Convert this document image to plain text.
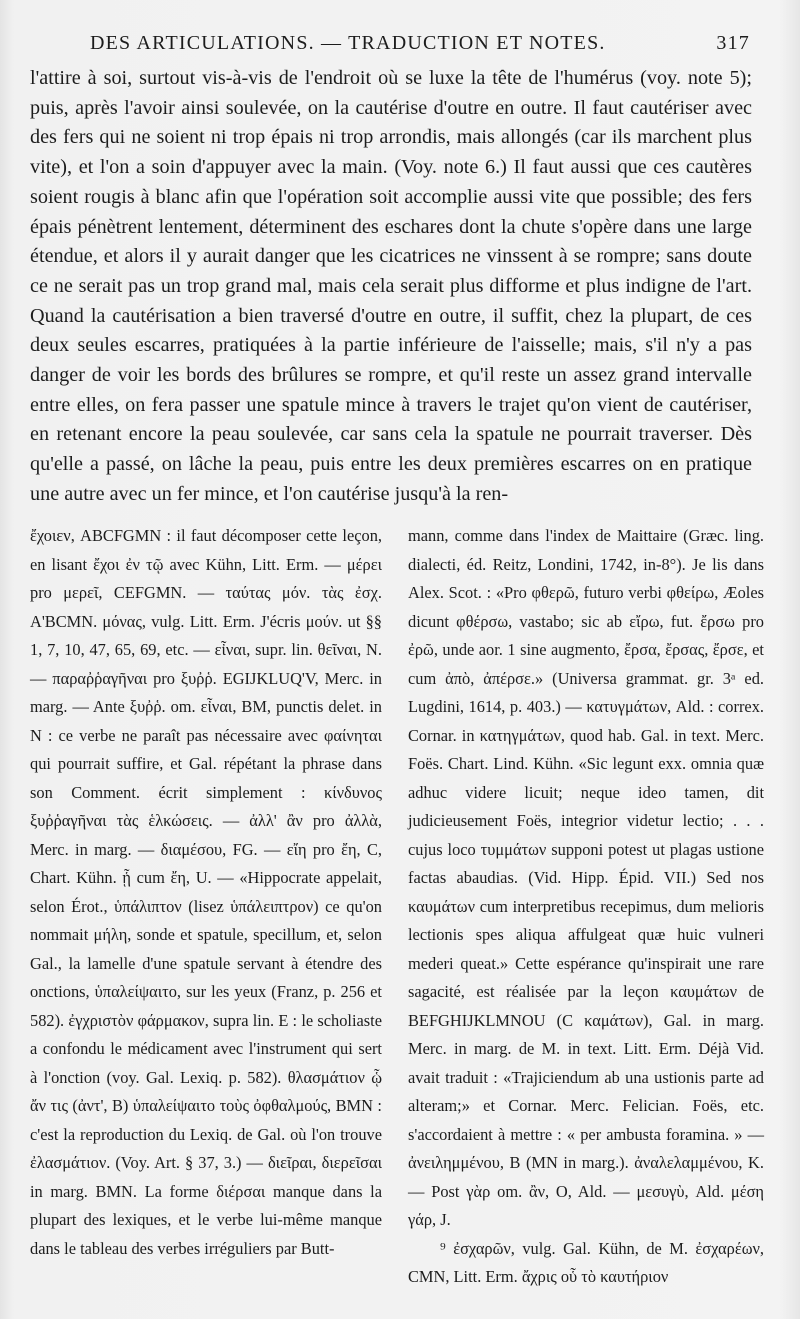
DES ARTICULATIONS. — TRADUCTION ET NOTES.	317

l'attire à soi, surtout vis-à-vis de l'endroit où se luxe la tête de l'humérus (voy. note 5); puis, après l'avoir ainsi soulevée, on la cautérise d'outre en outre. Il faut cautériser avec des fers qui ne soient ni trop épais ni trop arrondis, mais allongés (car ils marchent plus vite), et l'on a soin d'appuyer avec la main. (Voy. note 6.) Il faut aussi que ces cautères soient rougis à blanc afin que l'opération soit accomplie aussi vite que possible; des fers épais pénètrent lentement, déterminent des eschares dont la chute s'opère dans une large étendue, et alors il y aurait danger que les cicatrices ne vinssent à se rompre; sans doute ce ne serait pas un trop grand mal, mais cela serait plus difforme et plus indigne de l'art. Quand la cautérisation a bien traversé d'outre en outre, il suffit, chez la plupart, de ces deux seules escarres, pratiquées à la partie inférieure de l'aisselle; mais, s'il n'y a pas danger de voir les bords des brûlures se rompre, et qu'il reste un assez grand intervalle entre elles, on fera passer une spatule mince à travers le trajet qu'on vient de cautériser, en retenant encore la peau soulevée, car sans cela la spatule ne pourrait traverser. Dès qu'elle a passé, on lâche la peau, puis entre les deux premières escarres on en pratique une autre avec un fer mince, et l'on cautérise jusqu'à la ren-

ἔχοιεν, ABCFGMN : il faut décomposer cette leçon, en lisant ἔχοι ἐν τῷ avec Kühn, Litt. Erm. — μέρει pro μερεῖ, CEFGMN. — ταύτας μόν. τὰς ἐσχ. A'BCMN. μόνας, vulg. Litt. Erm. J'écris μούν. ut §§ 1, 7, 10, 47, 65, 69, etc. — εἶναι, supr. lin. θεῖναι, N. — παραῤῥαγῆναι pro ξυῤῥ. EGIJKLUQ'V, Merc. in marg. — Ante ξυῤῥ. om. εἶναι, BM, punctis delet. in N : ce verbe ne paraît pas nécessaire avec φαίνηται qui pourrait suffire, et Gal. répétant la phrase dans son Comment. écrit simplement : κίνδυνος ξυῤῥαγῆναι τὰς ἑλκώσεις. — ἀλλ' ἂν pro ἀλλὰ, Merc. in marg. — διαμέσου, FG. — εἴη pro ἔη, C, Chart. Kühn. ᾗ cum ἔη, U. — «Hippocrate appelait, selon Érot., ὑπάλιπτον (lisez ὑπάλειπτρον) ce qu'on nommait μήλη, sonde et spatule, specillum, et, selon Gal., la lamelle d'une spatule servant à étendre des onctions, ὑπαλείψαιτο, sur les yeux (Franz, p. 256 et 582). ἐγχριστὸν φάρμακον, supra lin. E : le scholiaste a confondu le médicament avec l'instrument qui sert à l'onction (voy. Gal. Lexiq. p. 582). θλασμάτιον ᾧ ἄν τις (ἀντ', B) ὑπαλείψαιτο τοὺς ὀφθαλμούς, BMN : c'est la reproduction du Lexiq. de Gal. où l'on trouve ἐλασμάτιον. (Voy. Art. § 37, 3.) — διεῖραι, διερεῖσαι in marg. BMN. La forme διέρσαι manque dans la plupart des lexiques, et le verbe lui-même manque dans le tableau des verbes irréguliers par Butt-

mann, comme dans l'index de Maittaire (Græc. ling. dialecti, éd. Reitz, Londini, 1742, in-8°). Je lis dans Alex. Scot. : «Pro φθερῶ, futuro verbi φθείρω, Æoles dicunt φθέρσω, vastabo; sic ab εἴρω, fut. ἔρσω pro ἐρῶ, unde aor. 1 sine augmento, ἔρσα, ἔρσας, ἔρσε, et cum ἀπὸ, ἀπέρσε.» (Universa grammat. gr. 3ᵃ ed. Lugdini, 1614, p. 403.) — κατυγμάτων, Ald. : correx. Cornar. in κατηγμάτων, quod hab. Gal. in text. Merc. Foës. Chart. Lind. Kühn. «Sic legunt exx. omnia quæ adhuc videre licuit; neque ideo tamen, dit judicieusement Foës, integrior videtur lectio; . . . cujus loco τυμμάτων supponi potest ut plagas ustione factas abaudias. (Vid. Hipp. Épid. VII.) Sed nos καυμάτων cum interpretibus recepimus, dum melioris lectionis spes aliqua affulgeat quæ huic vulneri mederi queat.» Cette espérance qu'inspirait une rare sagacité, est réalisée par la leçon καυμάτων de BEFGHIJKLMNOU (C καμάτων), Gal. in marg. Merc. in marg. de M. in text. Litt. Erm. Déjà Vid. avait traduit : «Trajiciendum ab una ustionis parte ad alteram;» et Cornar. Merc. Felician. Foës, etc. s'accordaient à mettre : « per ambusta foramina. » — ἀνειλημμένου, B (MN in marg.). ἀναλελαμμένου, K. — Post γὰρ om. ἂν, O, Ald. — μεσυγὺ, Ald. μέση γάρ, J.

⁹ ἐσχαρῶν, vulg. Gal. Kühn, de M. ἐσχαρέων, CMN, Litt. Erm. ἄχρις οὗ τὸ καυτήριον
